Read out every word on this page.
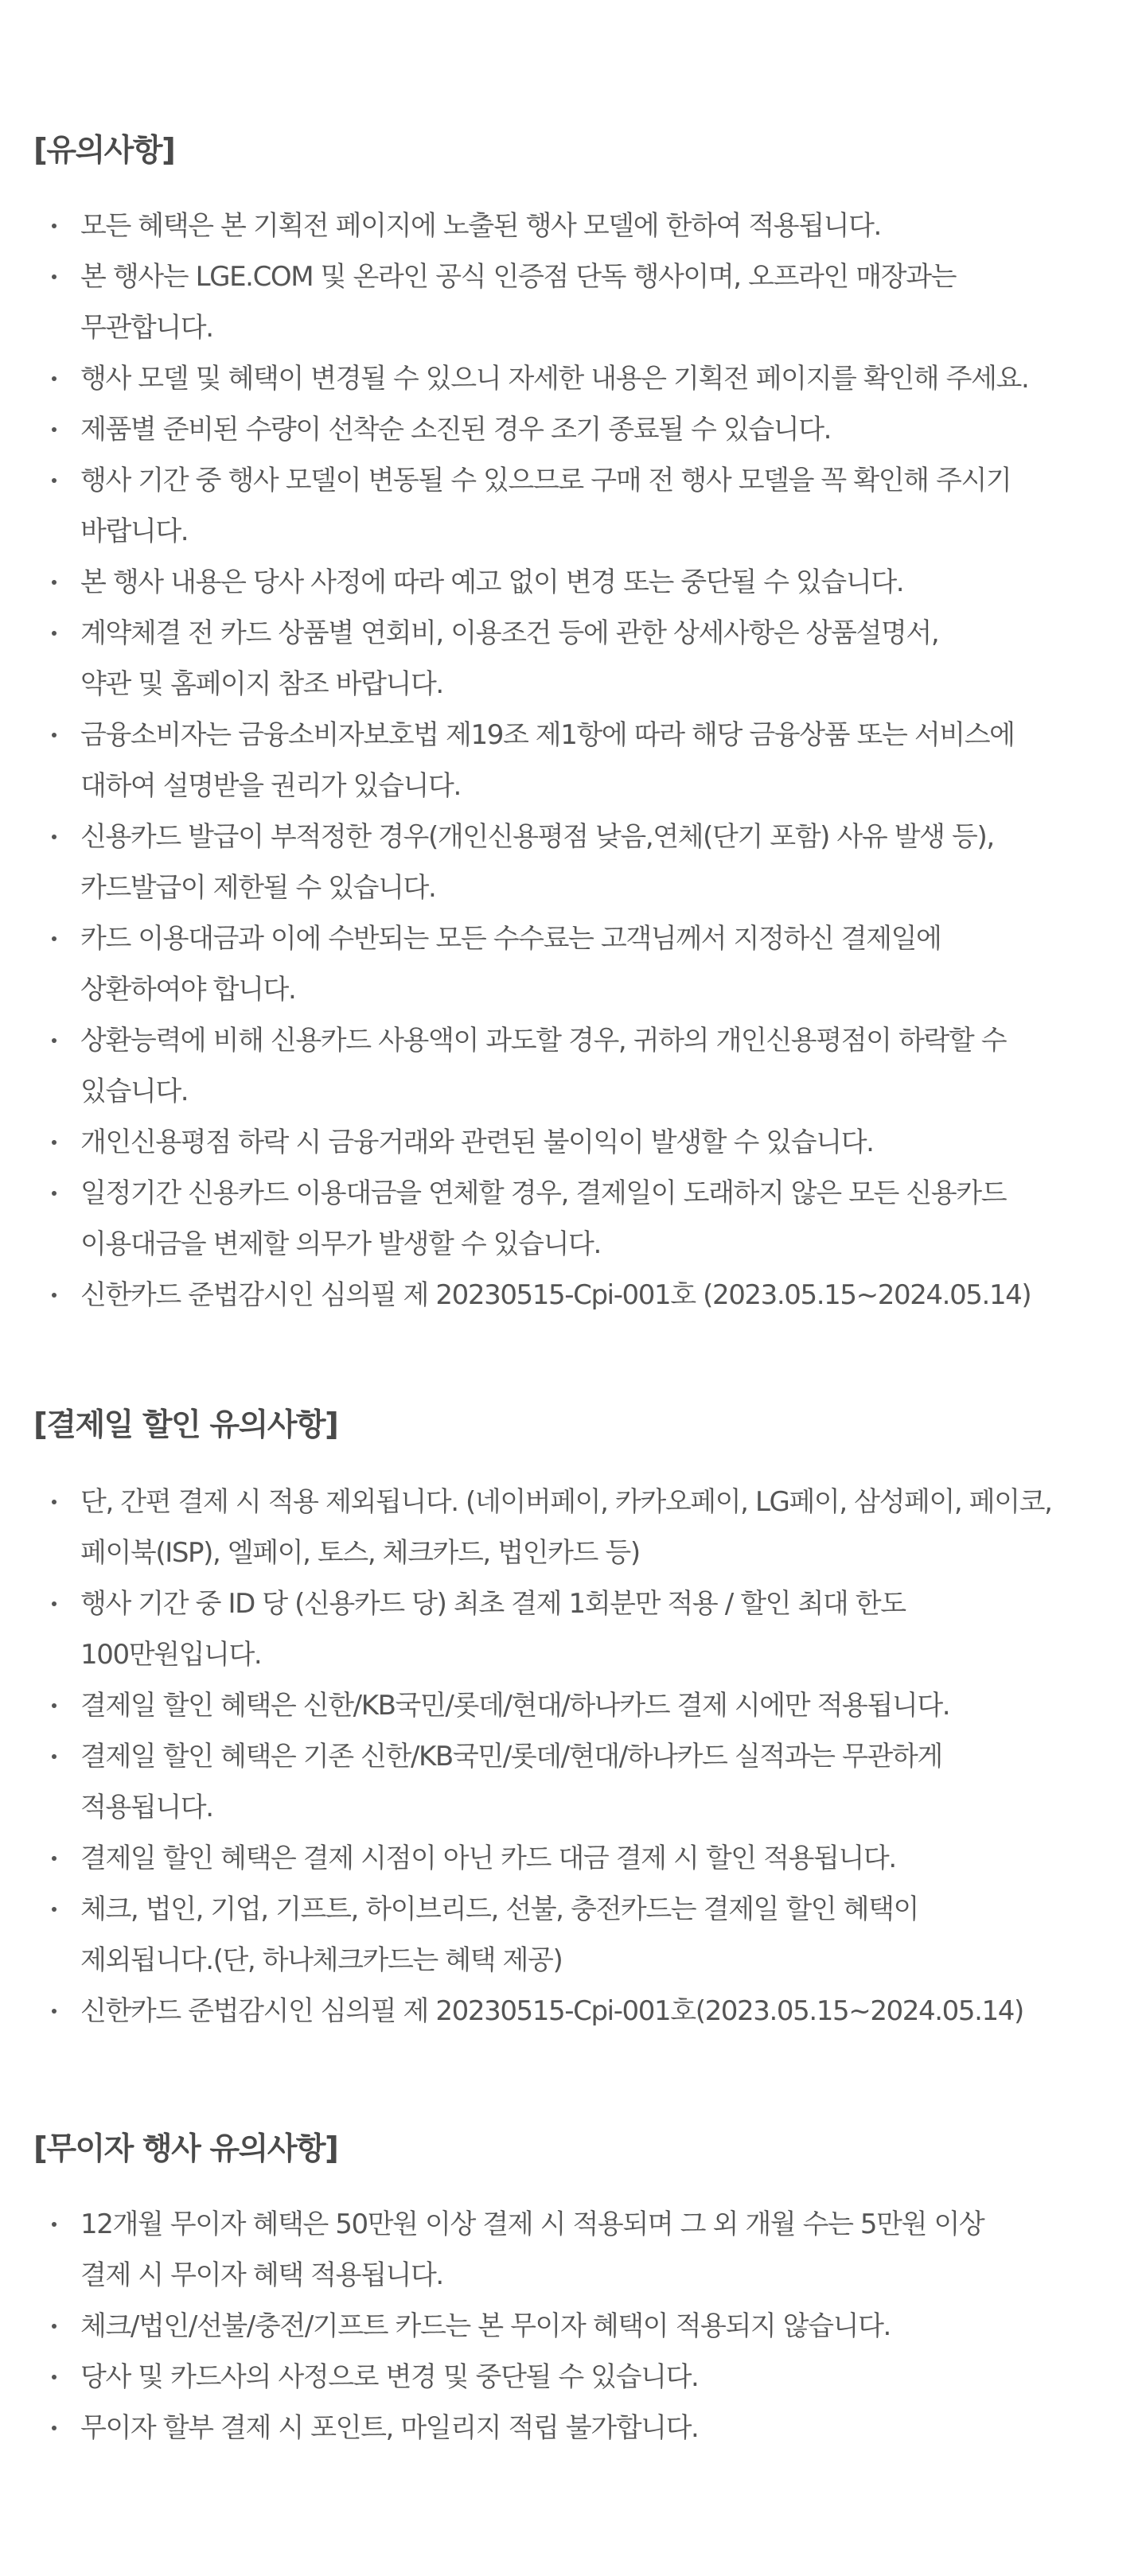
[유의사항]
모든 혜택은 본 기획전 페이지에 노출된 행사 모델에 한하여 적용됩니다.
본 행사는 LGE.COM 및 온라인 공식 인증점 단독 행사이며, 오프라인 매장과는
무관합니다.
행사 모델 및 혜택이 변경될 수 있으니 자세한 내용은 기획전 페이지를 확인해 주세요.
제품별 준비된 수량이 선착순 소진된 경우 조기 종료될 수 있습니다.
행사 기간 중 행사 모델이 변동될 수 있으므로 구매 전 행사 모델을 꼭 확인해 주시기
바랍니다.
본 행사 내용은 당사 사정에 따라 예고 없이 변경 또는 중단될 수 있습니다.
계약체결 전 카드 상품별 연회비, 이용조건 등에 관한 상세사항은 상품설명서,
약관 및 홈페이지 참조 바랍니다.
금융소비자는 금융소비자보호법 제19조 제1항에 따라 해당 금융상품 또는 서비스에
대하여 설명받을 권리가 있습니다.
신용카드 발급이 부적정한 경우(개인신용평점 낮음,연체(단기 포함) 사유 발생 등),
카드발급이 제한될 수 있습니다.
카드 이용대금과 이에 수반되는 모든 수수료는 고객님께서 지정하신 결제일에
상환하여야 합니다.
상환능력에 비해 신용카드 사용액이 과도할 경우, 귀하의 개인신용평점이 하락할 수
있습니다.
개인신용평점 하락 시 금융거래와 관련된 불이익이 발생할 수 있습니다.
일정기간 신용카드 이용대금을 연체할 경우, 결제일이 도래하지 않은 모든 신용카드
이용대금을 변제할 의무가 발생할 수 있습니다.
신한카드 준법감시인 심의필 제 20230515-Cpi-001호 (2023.05.15~2024.05.14)
[결제일 할인 유의사항]
단, 간편 결제 시 적용 제외됩니다. (네이버페이, 카카오페이, LG페이, 삼성페이, 페이코,
페이북(ISP), 엘페이, 토스, 체크카드, 법인카드 등)
행사 기간 중 ID 당 (신용카드 당) 최초 결제 1회분만 적용 / 할인 최대 한도
100만원입니다.
결제일 할인 혜택은 신한/KB국민/롯데/현대/하나카드 결제 시에만 적용됩니다.
결제일 할인 혜택은 기존 신한/KB국민/롯데/현대/하나카드 실적과는 무관하게
적용됩니다.
결제일 할인 혜택은 결제 시점이 아닌 카드 대금 결제 시 할인 적용됩니다.
체크, 법인, 기업, 기프트, 하이브리드, 선불, 충전카드는 결제일 할인 혜택이
제외됩니다.(단, 하나체크카드는 혜택 제공)
신한카드 준법감시인 심의필 제 20230515-Cpi-001호(2023.05.15~2024.05.14)
[무이자 행사 유의사항]
12개월 무이자 혜택은 50만원 이상 결제 시 적용되며 그 외 개월 수는 5만원 이상
결제 시 무이자 혜택 적용됩니다.
체크/법인/선불/충전/기프트 카드는 본 무이자 혜택이 적용되지 않습니다.
당사 및 카드사의 사정으로 변경 및 중단될 수 있습니다.
무이자 할부 결제 시 포인트, 마일리지 적립 불가합니다.
